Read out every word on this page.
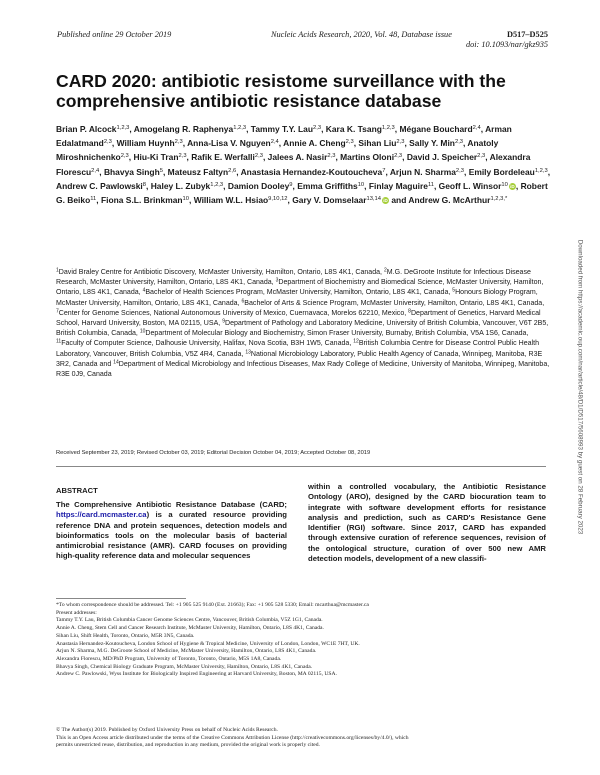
Published online 29 October 2019	Nucleic Acids Research, 2020, Vol. 48, Database issue	D517–D525
doi: 10.1093/nar/gkz935
CARD 2020: antibiotic resistome surveillance with the comprehensive antibiotic resistance database
Brian P. Alcock$^{1,2,3}$, Amogelang R. Raphenya$^{1,2,3}$, Tammy T.Y. Lau$^{2,3}$, Kara K. Tsang$^{1,2,3}$, Mégane Bouchard$^{2,4}$, Arman Edalatmand$^{2,3}$, William Huynh$^{2,3}$, Anna-Lisa V. Nguyen$^{2,4}$, Annie A. Cheng$^{2,3}$, Sihan Liu$^{2,3}$, Sally Y. Min$^{2,3}$, Anatoly Miroshnichenko$^{2,3}$, Hiu-Ki Tran$^{2,3}$, Rafik E. Werfalli$^{2,3}$, Jalees A. Nasir$^{2,3}$, Martins Oloni$^{2,3}$, David J. Speicher$^{2,3}$, Alexandra Florescu$^{2,4}$, Bhavya Singh$^5$, Mateusz Faltyn$^{2,6}$, Anastasia Hernandez-Koutoucheva$^7$, Arjun N. Sharma$^{2,3}$, Emily Bordeleau$^{1,2,3}$, Andrew C. Pawlowski$^8$, Haley L. Zubyk$^{1,2,3}$, Damion Dooley$^9$, Emma Griffiths$^{10}$, Finlay Maguire$^{11}$, Geoff L. Winsor$^{10}$ iD, Robert G. Beiko$^{11}$, Fiona S.L. Brinkman$^{10}$, William W.L. Hsiao$^{9,10,12}$, Gary V. Domselaar$^{13,14}$ iD and Andrew G. McArthur$^{1,2,3,*}$
$^1$David Braley Centre for Antibiotic Discovery, McMaster University, Hamilton, Ontario, L8S 4K1, Canada, $^2$M.G. DeGroote Institute for Infectious Disease Research, McMaster University, Hamilton, Ontario, L8S 4K1, Canada, $^3$Department of Biochemistry and Biomedical Science, McMaster University, Hamilton, Ontario, L8S 4K1, Canada, $^4$Bachelor of Health Sciences Program, McMaster University, Hamilton, Ontario, L8S 4K1, Canada, $^5$Honours Biology Program, McMaster University, Hamilton, Ontario, L8S 4K1, Canada, $^6$Bachelor of Arts & Science Program, McMaster University, Hamilton, Ontario, L8S 4K1, Canada, $^7$Center for Genome Sciences, National Autonomous University of Mexico, Cuernavaca, Morelos 62210, Mexico, $^8$Department of Genetics, Harvard Medical School, Harvard University, Boston, MA 02115, USA, $^9$Department of Pathology and Laboratory Medicine, University of British Columbia, Vancouver, V6T 2B5, British Columbia, Canada, $^{10}$Department of Molecular Biology and Biochemistry, Simon Fraser University, Burnaby, British Columbia, V5A 1S6, Canada, $^{11}$Faculty of Computer Science, Dalhousie University, Halifax, Nova Scotia, B3H 1W5, Canada, $^{12}$British Columbia Centre for Disease Control Public Health Laboratory, Vancouver, British Columbia, V5Z 4R4, Canada, $^{13}$National Microbiology Laboratory, Public Health Agency of Canada, Winnipeg, Manitoba, R3E 3R2, Canada and $^{14}$Department of Medical Microbiology and Infectious Diseases, Max Rady College of Medicine, University of Manitoba, Winnipeg, Manitoba, R3E 0J9, Canada
Received September 23, 2019; Revised October 03, 2019; Editorial Decision October 04, 2019; Accepted October 08, 2019
ABSTRACT
The Comprehensive Antibiotic Resistance Database (CARD; https://card.mcmaster.ca) is a curated resource providing reference DNA and protein sequences, detection models and bioinformatics tools on the molecular basis of bacterial antimicrobial resistance (AMR). CARD focuses on providing high-quality reference data and molecular sequences
within a controlled vocabulary, the Antibiotic Resistance Ontology (ARO), designed by the CARD biocuration team to integrate with software development efforts for resistance analysis and prediction, such as CARD's Resistance Gene Identifier (RGI) software. Since 2017, CARD has expanded through extensive curation of reference sequences, revision of the ontological structure, curation of over 500 new AMR detection models, development of a new classifi-
*To whom correspondence should be addressed. Tel: +1 905 525 9140 (Ext. 21663); Fax: +1 905 528 5330; Email: mcarthua@mcmaster.ca
Present addresses:
Tammy T.Y. Lau, British Columbia Cancer Genome Sciences Centre, Vancouver, British Columbia, V5Z 1G1, Canada.
Annie A. Cheng, Stem Cell and Cancer Research Institute, McMaster University, Hamilton, Ontario, L8S 4K1, Canada.
Sihan Liu, Shift Health, Toronto, Ontario, M5R 3N5, Canada.
Anastasia Hernandez-Koutoucheva, London School of Hygiene & Tropical Medicine, University of London, London, WC1E 7HT, UK.
Arjun N. Sharma, M.G. DeGroote School of Medicine, McMaster University, Hamilton, Ontario, L8S 4K1, Canada.
Alexandra Florescu, MD/PhD Program, University of Toronto, Toronto, Ontario, M5S 1A8, Canada.
Bhavya Singh, Chemical Biology Graduate Program, McMaster University, Hamilton, Ontario, L8S 4K1, Canada.
Andrew C. Pawlowski, Wyss Institute for Biologically Inspired Engineering at Harvard University, Boston, MA 02115, USA.
© The Author(s) 2019. Published by Oxford University Press on behalf of Nucleic Acids Research.
This is an Open Access article distributed under the terms of the Creative Commons Attribution License (http://creativecommons.org/licenses/by/4.0/), which
permits unrestricted reuse, distribution, and reproduction in any medium, provided the original work is properly cited.
Downloaded from https://academic.oup.com/nar/article/48/D1/D517/5608993 by guest on 28 February 2023
